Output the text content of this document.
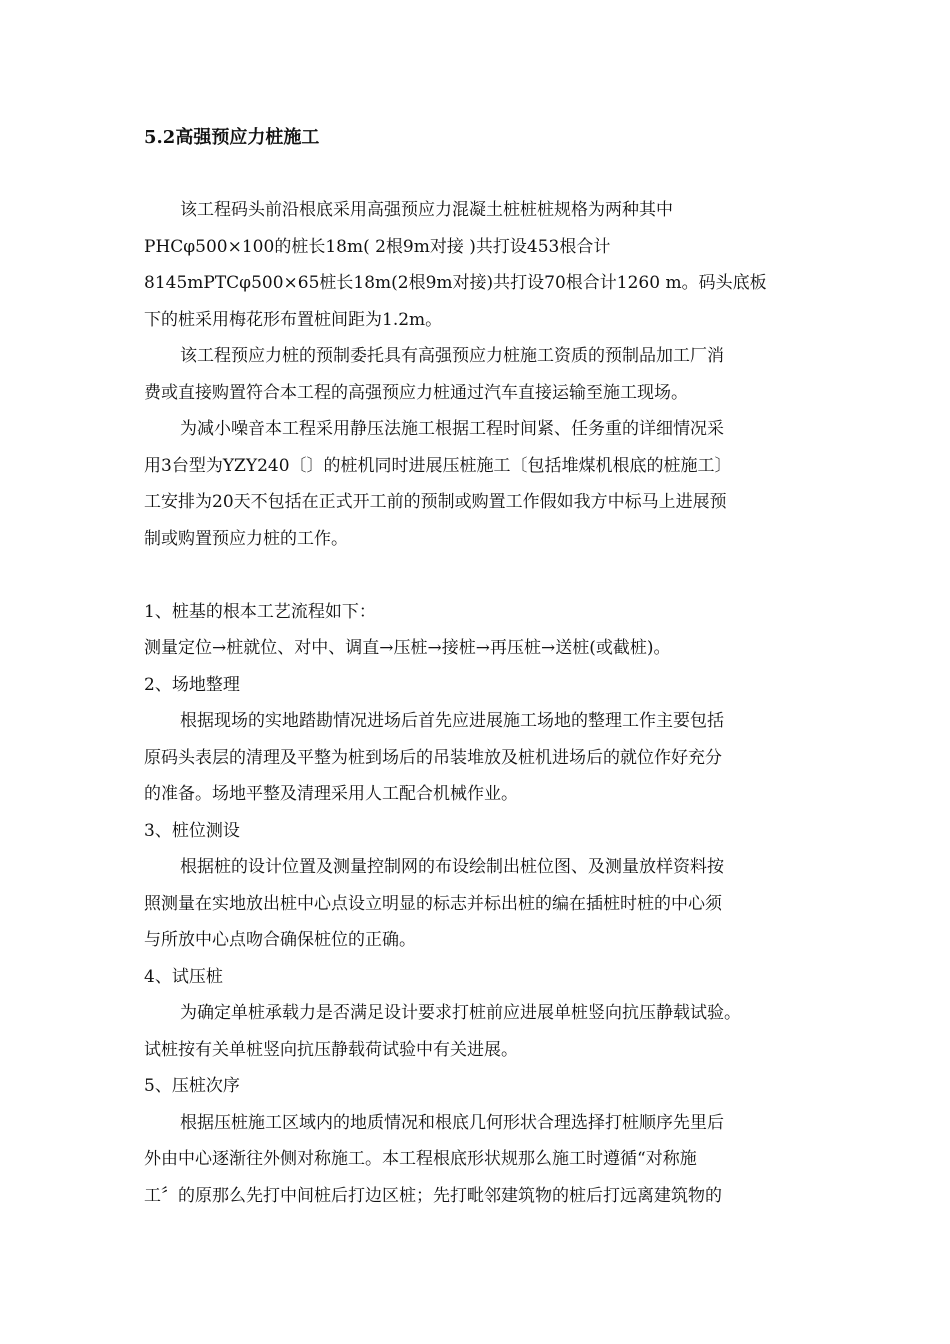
5.2高强预应力桩施工
该工程码头前沿根底采用高强预应力混凝土桩桩桩规格为两种其中
PHCφ500×100的桩长18m( 2根9m对接 )共打设453根合计
8145mPTCφ500×65桩长18m(2根9m对接)共打设70根合计1260 m。码头底板
下的桩采用梅花形布置桩间距为1.2m。
该工程预应力桩的预制委托具有高强预应力桩施工资质的预制品加工厂消
费或直接购置符合本工程的高强预应力桩通过汽车直接运输至施工现场。
为减小噪音本工程采用静压法施工根据工程时间紧、任务重的详细情况采
用3台型为YZY240〔〕的桩机同时进展压桩施工〔包括堆煤机根底的桩施工〕
工安排为20天不包括在正式开工前的预制或购置工作假如我方中标马上进展预
制或购置预应力桩的工作。
1、桩基的根本工艺流程如下：
测量定位→桩就位、对中、调直→压桩→接桩→再压桩→送桩(或截桩)。
2、场地整理
根据现场的实地踏勘情况进场后首先应进展施工场地的整理工作主要包括
原码头表层的清理及平整为桩到场后的吊装堆放及桩机进场后的就位作好充分
的准备。场地平整及清理采用人工配合机械作业。
3、桩位测设
根据桩的设计位置及测量控制网的布设绘制出桩位图、及测量放样资料按
照测量在实地放出桩中心点设立明显的标志并标出桩的编在插桩时桩的中心须
与所放中心点吻合确保桩位的正确。
4、试压桩
为确定单桩承载力是否满足设计要求打桩前应进展单桩竖向抗压静载试验。
试桩按有关单桩竖向抗压静载荷试验中有关进展。
5、压桩次序
根据压桩施工区域内的地质情况和根底几何形状合理选择打桩顺序先里后
外由中心逐渐往外侧对称施工。本工程根底形状规那么施工时遵循“对称施
工〞的原那么先打中间桩后打边区桩；先打毗邻建筑物的桩后打远离建筑物的
